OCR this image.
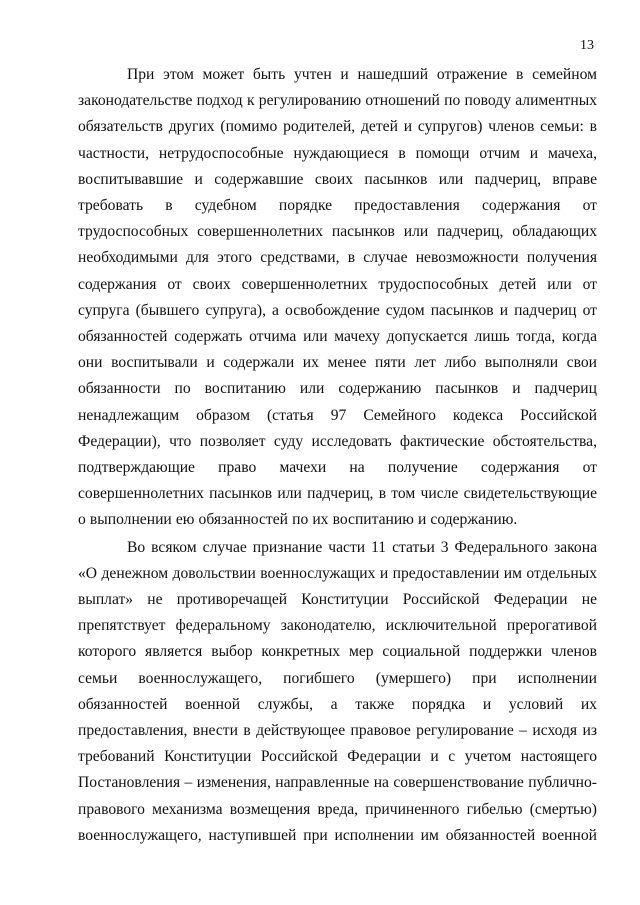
13

При этом может быть учтен и нашедший отражение в семейном законодательстве подход к регулированию отношений по поводу алиментных обязательств других (помимо родителей, детей и супругов) членов семьи: в частности, нетрудоспособные нуждающиеся в помощи отчим и мачеха, воспитывавшие и содержавшие своих пасынков или падчериц, вправе требовать в судебном порядке предоставления содержания от трудоспособных совершеннолетних пасынков или падчериц, обладающих необходимыми для этого средствами, в случае невозможности получения содержания от своих совершеннолетних трудоспособных детей или от супруга (бывшего супруга), а освобождение судом пасынков и падчериц от обязанностей содержать отчима или мачеху допускается лишь тогда, когда они воспитывали и содержали их менее пяти лет либо выполняли свои обязанности по воспитанию или содержанию пасынков и падчериц ненадлежащим образом (статья 97 Семейного кодекса Российской Федерации), что позволяет суду исследовать фактические обстоятельства, подтверждающие право мачехи на получение содержания от совершеннолетних пасынков или падчериц, в том числе свидетельствующие о выполнении ею обязанностей по их воспитанию и содержанию.

Во всяком случае признание части 11 статьи 3 Федерального закона «О денежном довольствии военнослужащих и предоставлении им отдельных выплат» не противоречащей Конституции Российской Федерации не препятствует федеральному законодателю, исключительной прерогативой которого является выбор конкретных мер социальной поддержки членов семьи военнослужащего, погибшего (умершего) при исполнении обязанностей военной службы, а также порядка и условий их предоставления, внести в действующее правовое регулирование – исходя из требований Конституции Российской Федерации и с учетом настоящего Постановления – изменения, направленные на совершенствование публично-правового механизма возмещения вреда, причиненного гибелью (смертью) военнослужащего, наступившей при исполнении им обязанностей военной
